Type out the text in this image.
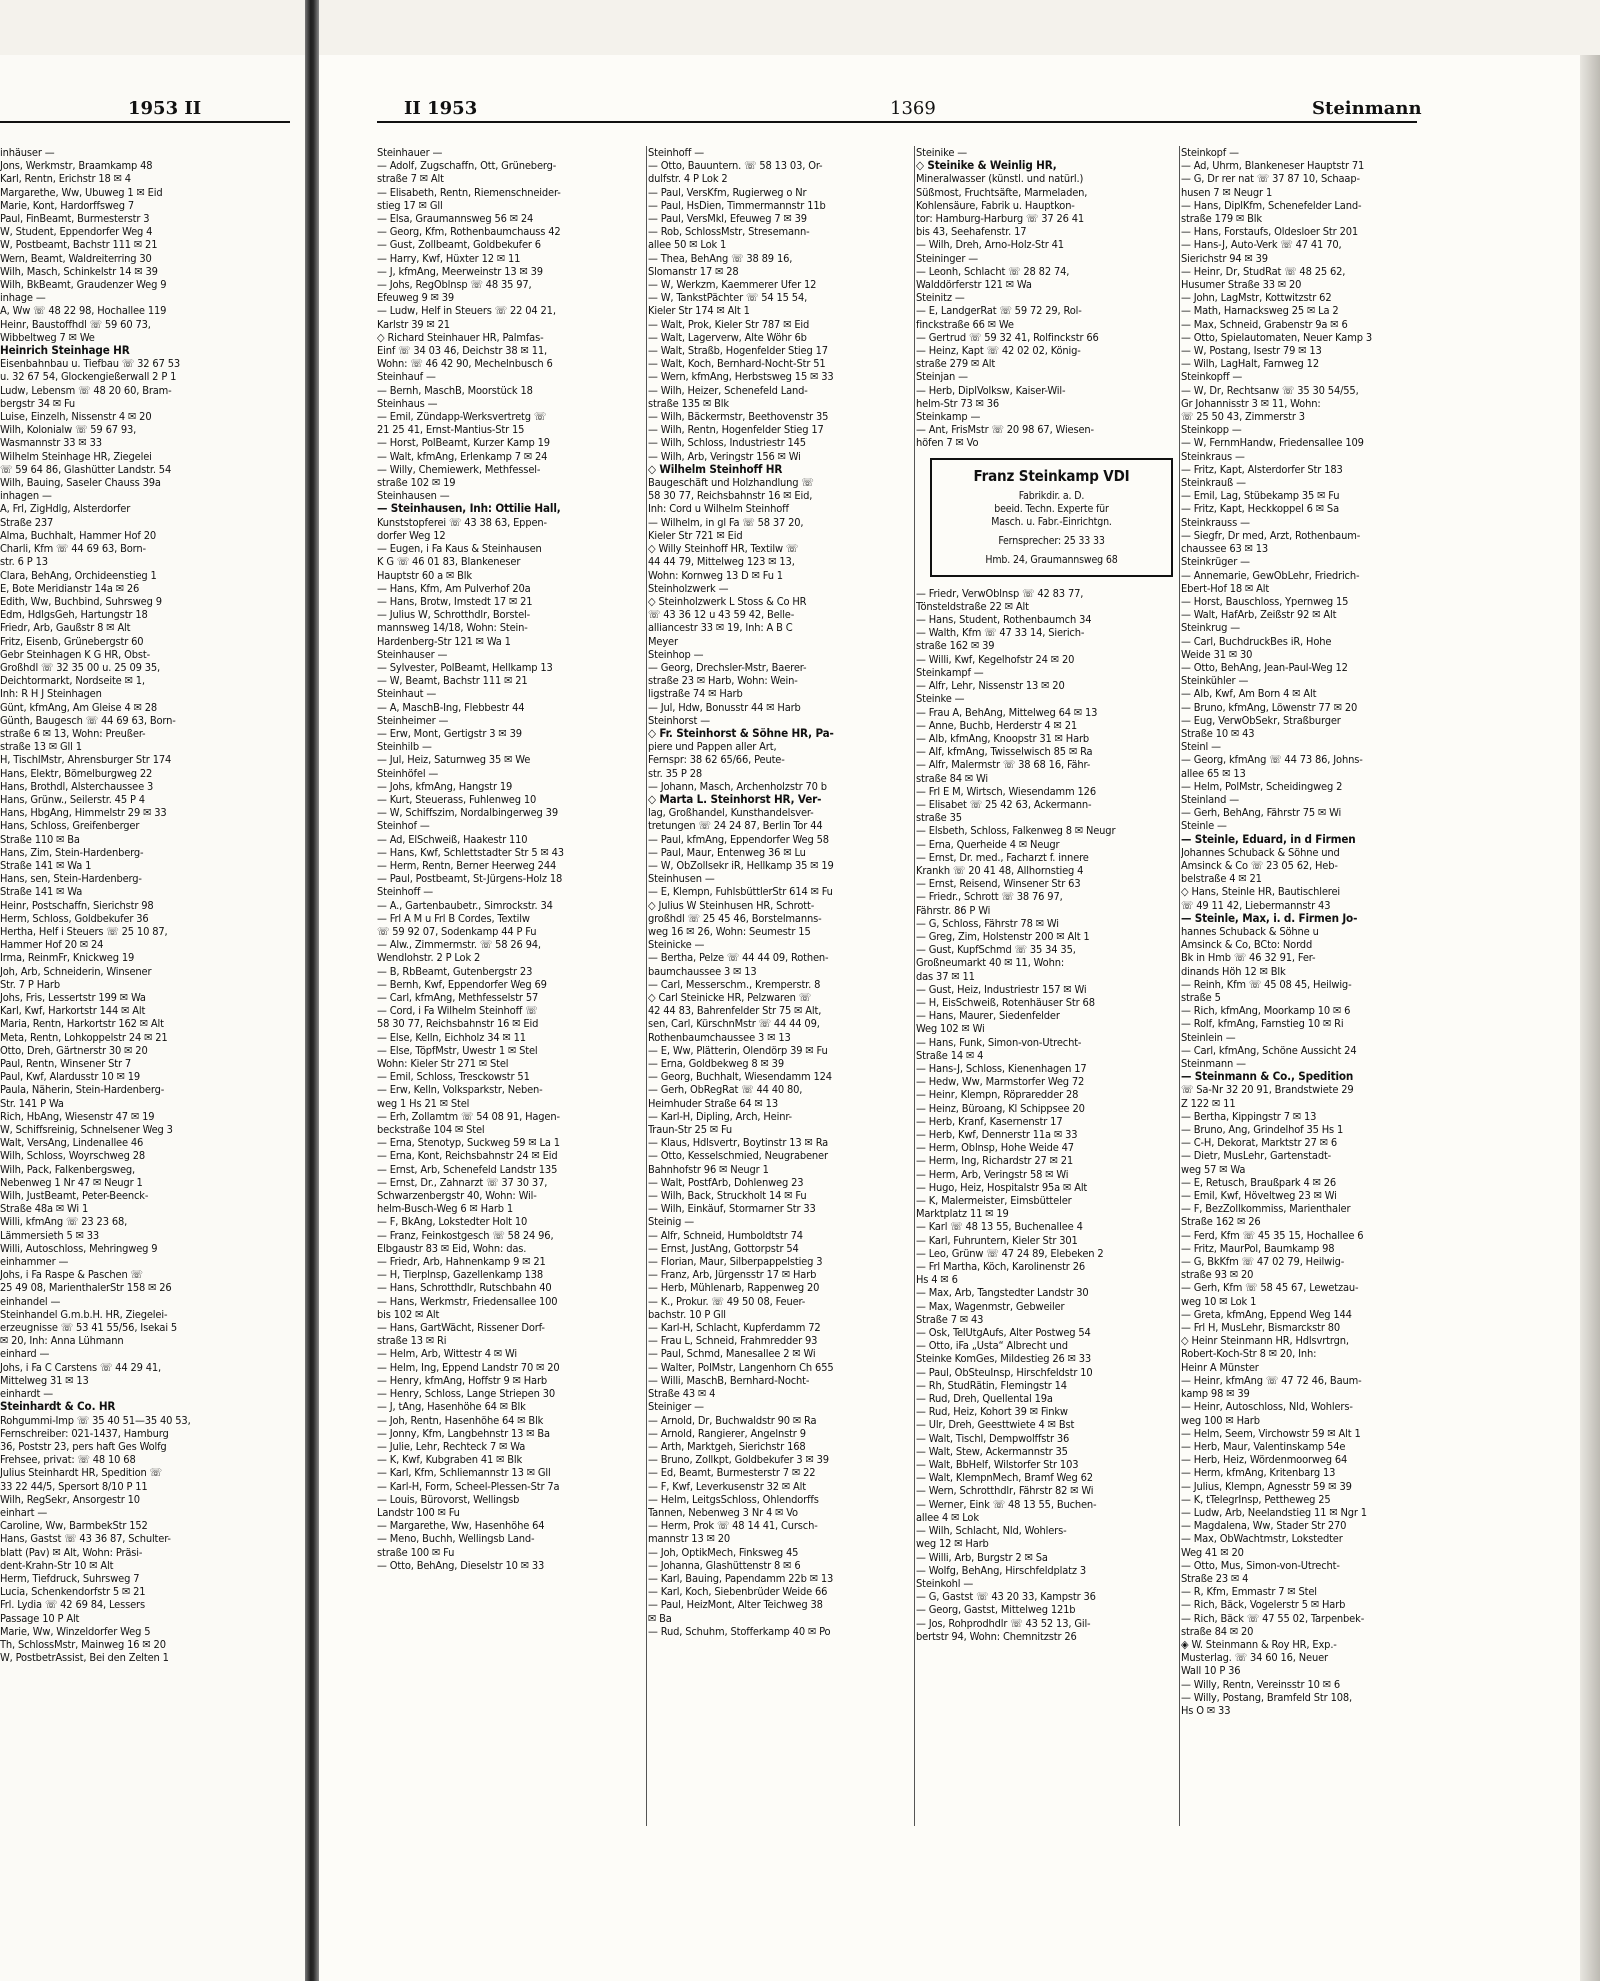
1953 II	II 1953	1369	Steinmann
inhäuser —
Jons, Werkmstr, Braamkamp 48
Karl, Rentn, Erichstr 18 ✉ 4
Margarethe, Ww, Ubuweg 1 ✉ Eid
Marie, Kont, Hardorffsweg 7
Paul, FinBeamt, Burmesterstr 3
W, Student, Eppendorfer Weg 4
W, Postbeamt, Bachstr 111 ✉ 21
Wern, Beamt, Waldreiterring 30
Wilh, Masch, Schinkelstr 14 ✉ 39
Wilh, BkBeamt, Graudenzer Weg 9
inhage —
A, Ww ☏ 48 22 98, Hochallee 119
Heinr, Baustoffhdl ☏ 59 60 73,
Wibbeltweg 7 ✉ We
Heinrich Steinhage HR
Eisenbahnbau u. Tiefbau ☏ 32 67 53
u. 32 67 54, Glockengießerwall 2 P 1
Ludw, Lebensm ☏ 48 20 60, Bram-
bergstr 34 ✉ Fu
Luise, Einzelh, Nissenstr 4 ✉ 20
Wilh, Kolonialw ☏ 59 67 93,
Wasmannstr 33 ✉ 33
Wilhelm Steinhage HR, Ziegelei
☏ 59 64 86, Glashütter Landstr. 54
Wilh, Bauing, Saseler Chauss 39a
inhagen —
A, Frl, ZigHdlg, Alsterdorfer
Straße 237
Alma, Buchhalt, Hammer Hof 20
Charli, Kfm ☏ 44 69 63, Born-
str. 6 P 13
Clara, BehAng, Orchideenstieg 1
E, Bote Meridianstr 14a ✉ 26
Edith, Ww, Buchbind, Suhrsweg 9
Edm, HdlgsGeh, Hartungstr 18
Friedr, Arb, Gaußstr 8 ✉ Alt
Fritz, Eisenb, Grünebergstr 60
Gebr Steinhagen K G HR, Obst-
Großhdl ☏ 32 35 00 u. 25 09 35,
Deichtormarkt, Nordseite ✉ 1,
Inh: R H J Steinhagen
Günt, kfmAng, Am Gleise 4 ✉ 28
Günth, Baugesch ☏ 44 69 63, Born-
straße 6 ✉ 13, Wohn: Preußer-
straße 13 ✉ Gll 1
H, TischlMstr, Ahrensburger Str 174
Hans, Elektr, Bömelburgweg 22
Hans, Brothdl, Alsterchaussee 3
Hans, Grünw., Seilerstr. 45 P 4
Hans, HbgAng, Himmelstr 29 ✉ 33
Hans, Schloss, Greifenberger
Straße 110 ✉ Ba
Hans, Zim, Stein-Hardenberg-
Straße 141 ✉ Wa 1
Hans, sen, Stein-Hardenberg-
Straße 141 ✉ Wa
Heinr, Postschaffn, Sierichstr 98
Herm, Schloss, Goldbekufer 36
Hertha, Helf i Steuers ☏ 25 10 87,
Hammer Hof 20 ✉ 24
Irma, ReinmFr, Knickweg 19
Joh, Arb, Schneiderin, Winsener
Str. 7 P Harb
Johs, Fris, Lessertstr 199 ✉ Wa
Karl, Kwf, Harkortstr 144 ✉ Alt
Maria, Rentn, Harkortstr 162 ✉ Alt
Meta, Rentn, Lohkoppelstr 24 ✉ 21
Otto, Dreh, Gärtnerstr 30 ✉ 20
Paul, Rentn, Winsener Str 7
Paul, Kwf, Alardusstr 10 ✉ 19
Paula, Näherin, Stein-Hardenberg-
Str. 141 P Wa
Rich, HbAng, Wiesenstr 47 ✉ 19
W, Schiffsreinig, Schnelsener Weg 3
Walt, VersAng, Lindenallee 46
Wilh, Schloss, Woyrschweg 28
Wilh, Pack, Falkenbergsweg,
Nebenweg 1 Nr 47 ✉ Neugr 1
Wilh, JustBeamt, Peter-Beenck-
Straße 48a ✉ Wi 1
Willi, kfmAng ☏ 23 23 68,
Lämmersieth 5 ✉ 33
Willi, Autoschloss, Mehringweg 9
einhammer —
Johs, i Fa Raspe & Paschen ☏
25 49 08, MarienthalerStr 158 ✉ 26
einhandel —
Steinhandel G.m.b.H. HR, Ziegelei-
erzeugnisse ☏ 53 41 55/56, Isekai 5
✉ 20, Inh: Anna Lühmann
einhard —
Johs, i Fa C Carstens ☏ 44 29 41,
Mittelweg 31 ✉ 13
einhardt —
Steinhardt & Co. HR
Rohgummi-Imp ☏ 35 40 51—35 40 53,
Fernschreiber: 021-1437, Hamburg
36, Poststr 23, pers haft Ges Wolfg
Frehsee, privat: ☏ 48 10 68
Julius Steinhardt HR, Spedition ☏
33 22 44/5, Spersort 8/10 P 11
Wilh, RegSekr, Ansorgestr 10
einhart —
Caroline, Ww, BarmbekStr 152
Hans, Gastst ☏ 43 36 87, Schulter-
blatt (Pav) ✉ Alt, Wohn: Präsi-
dent-Krahn-Str 10 ✉ Alt
Herm, Tiefdruck, Suhrsweg 7
Lucia, Schenkendorfstr 5 ✉ 21
Frl. Lydia ☏ 42 69 84, Lessers
Passage 10 P Alt
Marie, Ww, Winzeldorfer Weg 5
Th, SchlossMstr, Mainweg 16 ✉ 20
W, PostbetrAssist, Bei den Zelten 1
Steinhauer —
— Adolf, Zugschaffn, Ott, Grüneberg-
straße 7 ✉ Alt
— Elisabeth, Rentn, Riemenschneider-
stieg 17 ✉ Gll
— Elsa, Graumannsweg 56 ✉ 24
— Georg, Kfm, Rothenbaumchauss 42
— Gust, Zollbeamt, Goldbekufer 6
— Harry, Kwf, Hüxter 12 ✉ 11
— J, kfmAng, Meerweinstr 13 ✉ 39
— Johs, RegOblnsp ☏ 48 35 97,
Efeuweg 9 ✉ 39
— Ludw, Helf in Steuers ☏ 22 04 21,
Karlstr 39 ✉ 21
◇ Richard Steinhauer HR, Palmfas-
Einf ☏ 34 03 46, Deichstr 38 ✉ 11,
Wohn: ☏ 46 42 90, Mechelnbusch 6
Steinhauf —
— Bernh, MaschB, Moorstück 18
Steinhaus —
— Emil, Zündapp-Werksvertretg ☏
21 25 41, Ernst-Mantius-Str 15
— Horst, PolBeamt, Kurzer Kamp 19
— Walt, kfmAng, Erlenkamp 7 ✉ 24
— Willy, Chemiewerk, Methfessel-
straße 102 ✉ 19
Steinhausen —
— Steinhausen, Inh: Ottilie Hall,
Kunststopferei ☏ 43 38 63, Eppen-
dorfer Weg 12
— Eugen, i Fa Kaus & Steinhausen
K G ☏ 46 01 83, Blankeneser
Hauptstr 60 a ✉ Blk
— Hans, Kfm, Am Pulverhof 20a
— Hans, Brotw, Imstedt 17 ✉ 21
— Julius W, Schrotthdlr, Borstel-
mannsweg 14/18, Wohn: Stein-
Hardenberg-Str 121 ✉ Wa 1
Steinhauser —
— Sylvester, PolBeamt, Hellkamp 13
— W, Beamt, Bachstr 111 ✉ 21
Steinhaut —
— A, MaschB-Ing, Flebbestr 44
Steinheimer —
— Erw, Mont, Gertigstr 3 ✉ 39
Steinhilb —
— Jul, Heiz, Saturnweg 35 ✉ We
Steinhöfel —
— Johs, kfmAng, Hangstr 19
— Kurt, Steuerass, Fuhlenweg 10
— W, Schiffszim, Nordalbingerweg 39
Steinhof —
— Ad, ElSchweiß, Haakestr 110
— Hans, Kwf, Schlettstadter Str 5 ✉ 43
— Herm, Rentn, Berner Heerweg 244
— Paul, Postbeamt, St-Jürgens-Holz 18
Steinhoff —
— A., Gartenbaubetr., Simrockstr. 34
— Frl A M u Frl B Cordes, Textilw
☏ 59 92 07, Sodenkamp 44 P Fu
— Alw., Zimmermstr. ☏ 58 26 94,
Wendlohstr. 2 P Lok 2
— B, RbBeamt, Gutenbergstr 23
— Bernh, Kwf, Eppendorfer Weg 69
— Carl, kfmAng, Methfesselstr 57
— Cord, i Fa Wilhelm Steinhoff ☏
58 30 77, Reichsbahnstr 16 ✉ Eid
— Else, Kelln, Eichholz 34 ✉ 11
— Else, TöpfMstr, Uwestr 1 ✉ Stel
Wohn: Kieler Str 271 ✉ Stel
— Emil, Schloss, Tresckowstr 51
— Erw, Kelln, Volksparkstr, Neben-
weg 1 Hs 21 ✉ Stel
— Erh, Zollamtm ☏ 54 08 91, Hagen-
beckstraße 104 ✉ Stel
— Erna, Stenotyp, Suckweg 59 ✉ La 1
— Erna, Kont, Reichsbahnstr 24 ✉ Eid
— Ernst, Arb, Schenefeld Landstr 135
— Ernst, Dr., Zahnarzt ☏ 37 30 37,
Schwarzenbergstr 40, Wohn: Wil-
helm-Busch-Weg 6 ✉ Harb 1
— F, BkAng, Lokstedter Holt 10
— Franz, Feinkostgesch ☏ 58 24 96,
Elbgaustr 83 ✉ Eid, Wohn: das.
— Friedr, Arb, Hahnenkamp 9 ✉ 21
— H, Tierplnsp, Gazellenkamp 138
— Hans, Schrotthdlr, Rutschbahn 40
— Hans, Werkmstr, Friedensallee 100
bis 102 ✉ Alt
— Hans, GartWächt, Rissener Dorf-
straße 13 ✉ Ri
— Helm, Arb, Wittestr 4 ✉ Wi
— Helm, Ing, Eppend Landstr 70 ✉ 20
— Henry, kfmAng, Hoffstr 9 ✉ Harb
— Henry, Schloss, Lange Striepen 30
— J, tAng, Hasenhöhe 64 ✉ Blk
— Joh, Rentn, Hasenhöhe 64 ✉ Blk
— Jonny, Kfm, Langbehnstr 13 ✉ Ba
— Julie, Lehr, Rechteck 7 ✉ Wa
— K, Kwf, Kubgraben 41 ✉ Blk
— Karl, Kfm, Schliemannstr 13 ✉ Gll
— Karl-H, Form, Scheel-Plessen-Str 7a
— Louis, Bürovorst, Wellingsb
Landstr 100 ✉ Fu
— Margarethe, Ww, Hasenhöhe 64
— Meno, Buchh, Wellingsb Land-
straße 100 ✉ Fu
— Otto, BehAng, Dieselstr 10 ✉ 33
Steinhoff —
— Otto, Bauuntern. ☏ 58 13 03, Or-
dulfstr. 4 P Lok 2
— Paul, VersKfm, Rugierweg o Nr
— Paul, HsDien, Timmermannstr 11b
— Paul, VersMkl, Efeuweg 7 ✉ 39
— Rob, SchlossMstr, Stresemann-
allee 50 ✉ Lok 1
— Thea, BehAng ☏ 38 89 16,
Slomanstr 17 ✉ 28
— W, Werkzm, Kaemmerer Ufer 12
— W, TankstPächter ☏ 54 15 54,
Kieler Str 174 ✉ Alt 1
— Walt, Prok, Kieler Str 787 ✉ Eid
— Walt, Lagerverw, Alte Wöhr 6b
— Walt, Straßb, Hogenfelder Stieg 17
— Walt, Koch, Bernhard-Nocht-Str 51
— Wern, kfmAng, Herbstsweg 15 ✉ 33
— Wilh, Heizer, Schenefeld Land-
straße 135 ✉ Blk
— Wilh, Bäckermstr, Beethovenstr 35
— Wilh, Rentn, Hogenfelder Stieg 17
— Wilh, Schloss, Industriestr 145
— Wilh, Arb, Veringstr 156 ✉ Wi
◇ Wilhelm Steinhoff HR
Baugeschäft und Holzhandlung ☏
58 30 77, Reichsbahnstr 16 ✉ Eid,
Inh: Cord u Wilhelm Steinhoff
— Wilhelm, in gl Fa ☏ 58 37 20,
Kieler Str 721 ✉ Eid
◇ Willy Steinhoff HR, Textilw ☏
44 44 79, Mittelweg 123 ✉ 13,
Wohn: Kornweg 13 D ✉ Fu 1
Steinholzwerk —
◇ Steinholzwerk L Stoss & Co HR
☏ 43 36 12 u 43 59 42, Belle-
alliancestr 33 ✉ 19, Inh: A B C
Meyer
Steinhop —
— Georg, Drechsler-Mstr, Baerer-
straße 23 ✉ Harb, Wohn: Wein-
ligstraße 74 ✉ Harb
— Jul, Hdw, Bonusstr 44 ✉ Harb
Steinhorst —
◇ Fr. Steinhorst & Söhne HR, Pa-
piere und Pappen aller Art,
Fernspr: 38 62 65/66, Peute-
str. 35 P 28
— Johann, Masch, Archenholzstr 70 b
◇ Marta L. Steinhorst HR, Ver-
lag, Großhandel, Kunsthandelsver-
tretungen ☏ 24 24 87, Berlin Tor 44
— Paul, kfmAng, Eppendorfer Weg 58
— Paul, Maur, Entenweg 36 ✉ Lu
— W, ObZollsekr iR, Hellkamp 35 ✉ 19
Steinhusen —
— E, Klempn, FuhlsbüttlerStr 614 ✉ Fu
◇ Julius W Steinhusen HR, Schrott-
großhdl ☏ 25 45 46, Borstelmanns-
weg 16 ✉ 26, Wohn: Seumestr 15
Steinicke —
— Bertha, Pelze ☏ 44 44 09, Rothen-
baumchaussee 3 ✉ 13
— Carl, Messerschm., Kremperstr. 8
◇ Carl Steinicke HR, Pelzwaren ☏
42 44 83, Bahrenfelder Str 75 ✉ Alt,
sen, Carl, KürschnMstr ☏ 44 44 09,
Rothenbaumchaussee 3 ✉ 13
— E, Ww, Plätterin, Olendörp 39 ✉ Fu
— Erna, Goldbekweg 8 ✉ 39
— Georg, Buchhalt, Wiesendamm 124
— Gerh, ObRegRat ☏ 44 40 80,
Heimhuder Straße 64 ✉ 13
— Karl-H, Dipling, Arch, Heinr-
Traun-Str 25 ✉ Fu
— Klaus, Hdlsvertr, Boytinstr 13 ✉ Ra
— Otto, Kesselschmied, Neugrabener
Bahnhofstr 96 ✉ Neugr 1
— Walt, PostfArb, Dohlenweg 23
— Wilh, Back, Struckholt 14 ✉ Fu
— Wilh, Einkäuf, Stormarner Str 33
Steinig —
— Alfr, Schneid, Humboldtstr 74
— Ernst, JustAng, Gottorpstr 54
— Florian, Maur, Silberpappelstieg 3
— Franz, Arb, Jürgensstr 17 ✉ Harb
— Herb, Mühlenarb, Rappenweg 20
— K., Prokur. ☏ 49 50 08, Feuer-
bachstr. 10 P Gll
— Karl-H, Schlacht, Kupferdamm 72
— Frau L, Schneid, Frahmredder 93
— Paul, Schmd, Manesallee 2 ✉ Wi
— Walter, PolMstr, Langenhorn Ch 655
— Willi, MaschB, Bernhard-Nocht-
Straße 43 ✉ 4
Steiniger —
— Arnold, Dr, Buchwaldstr 90 ✉ Ra
— Arnold, Rangierer, Angelnstr 9
— Arth, Marktgeh, Sierichstr 168
— Bruno, Zollkpt, Goldbekufer 3 ✉ 39
— Ed, Beamt, Burmesterstr 7 ✉ 22
— F, Kwf, Leverkusenstr 32 ✉ Alt
— Helm, LeitgsSchloss, Ohlendorffs
Tannen, Nebenweg 3 Nr 4 ✉ Vo
— Herm, Prok ☏ 48 14 41, Cursch-
mannstr 13 ✉ 20
— Joh, OptikMech, Finksweg 45
— Johanna, Glashüttenstr 8 ✉ 6
— Karl, Bauing, Papendamm 22b ✉ 13
— Karl, Koch, Siebenbrüder Weide 66
— Paul, HeizMont, Alter Teichweg 38
✉ Ba
— Rud, Schuhm, Stofferkamp 40 ✉ Po
Steinike —
◇ Steinike & Weinlig HR,
Mineralwasser (künstl. und natürl.)
Süßmost, Fruchtsäfte, Marmeladen,
Kohlensäure, Fabrik u. Hauptkon-
tor: Hamburg-Harburg ☏ 37 26 41
bis 43, Seehafenstr. 17
— Wilh, Dreh, Arno-Holz-Str 41
Steininger —
— Leonh, Schlacht ☏ 28 82 74,
Walddörferstr 121 ✉ Wa
Steinitz —
— E, LandgerRat ☏ 59 72 29, Rol-
finckstraße 66 ✉ We
— Gertrud ☏ 59 32 41, Rolfinckstr 66
— Heinz, Kapt ☏ 42 02 02, König-
straße 279 ✉ Alt
Steinjan —
— Herb, DiplVolksw, Kaiser-Wil-
helm-Str 73 ✉ 36
Steinkamp —
— Ant, FrisMstr ☏ 20 98 67, Wiesen-
höfen 7 ✉ Vo
Franz Steinkamp VDI
Fabrikdir. a. D.
beeid. Techn. Experte für
Masch. u. Fabr.-Einrichtgn.
Fernsprecher: 25 33 33
Hmb. 24, Graumannsweg 68
— Friedr, VerwOblnsp ☏ 42 83 77,
Tönsteldstraße 22 ✉ Alt
— Hans, Student, Rothenbaumch 34
— Walth, Kfm ☏ 47 33 14, Sierich-
straße 162 ✉ 39
— Willi, Kwf, Kegelhofstr 24 ✉ 20
Steinkampf —
— Alfr, Lehr, Nissenstr 13 ✉ 20
Steinke —
— Frau A, BehAng, Mittelweg 64 ✉ 13
— Anne, Buchb, Herderstr 4 ✉ 21
— Alb, kfmAng, Knoopstr 31 ✉ Harb
— Alf, kfmAng, Twisselwisch 85 ✉ Ra
— Alfr, Malermstr ☏ 38 68 16, Fähr-
straße 84 ✉ Wi
— Frl E M, Wirtsch, Wiesendamm 126
— Elisabet ☏ 25 42 63, Ackermann-
straße 35
— Elsbeth, Schloss, Falkenweg 8 ✉ Neugr
— Erna, Querheide 4 ✉ Neugr
— Ernst, Dr. med., Facharzt f. innere
Krankh ☏ 20 41 48, Allhornstieg 4
— Ernst, Reisend, Winsener Str 63
— Friedr., Schrott ☏ 38 76 97,
Fährstr. 86 P Wi
— G, Schloss, Fährstr 78 ✉ Wi
— Greg, Zim, Holstenstr 200 ✉ Alt 1
— Gust, KupfSchmd ☏ 35 34 35,
Großneumarkt 40 ✉ 11, Wohn:
das 37 ✉ 11
— Gust, Heiz, Industriestr 157 ✉ Wi
— H, EisSchweiß, Rotenhäuser Str 68
— Hans, Maurer, Siedenfelder
Weg 102 ✉ Wi
— Hans, Funk, Simon-von-Utrecht-
Straße 14 ✉ 4
— Hans-J, Schloss, Kienenhagen 17
— Hedw, Ww, Marmstorfer Weg 72
— Heinr, Klempn, Röpraredder 28
— Heinz, Büroang, Kl Schippsee 20
— Herb, Kranf, Kasernenstr 17
— Herb, Kwf, Dennerstr 11a ✉ 33
— Herm, Oblnsp, Hohe Weide 47
— Herm, Ing, Richardstr 27 ✉ 21
— Herm, Arb, Veringstr 58 ✉ Wi
— Hugo, Heiz, Hospitalstr 95a ✉ Alt
— K, Malermeister, Eimsbütteler
Marktplatz 11 ✉ 19
— Karl ☏ 48 13 55, Buchenallee 4
— Karl, Fuhruntern, Kieler Str 301
— Leo, Grünw ☏ 47 24 89, Elebeken 2
— Frl Martha, Köch, Karolinenstr 26
Hs 4 ✉ 6
— Max, Arb, Tangstedter Landstr 30
— Max, Wagenmstr, Gebweiler
Straße 7 ✉ 43
— Osk, TelUtgAufs, Alter Postweg 54
— Otto, iFa „Usta“ Albrecht und
Steinke KomGes, Mildestieg 26 ✉ 33
— Paul, ObSteuInsp, Hirschfeldstr 10
— Rh, StudRätin, Flemingstr 14
— Rud, Dreh, Quellental 19a
— Rud, Heiz, Kohort 39 ✉ Finkw
— Ulr, Dreh, Geesttwiete 4 ✉ Bst
— Walt, Tischl, Dempwolffstr 36
— Walt, Stew, Ackermannstr 35
— Walt, BbHelf, Wilstorfer Str 103
— Walt, KlempnMech, Bramf Weg 62
— Wern, Schrotthdlr, Fährstr 82 ✉ Wi
— Werner, Eink ☏ 48 13 55, Buchen-
allee 4 ✉ Lok
— Wilh, Schlacht, Nld, Wohlers-
weg 12 ✉ Harb
— Willi, Arb, Burgstr 2 ✉ Sa
— Wolfg, BehAng, Hirschfeldplatz 3
Steinkohl —
— G, Gastst ☏ 43 20 33, Kampstr 36
— Georg, Gastst, Mittelweg 121b
— Jos, Rohprodhdlr ☏ 43 52 13, Gil-
bertstr 94, Wohn: Chemnitzstr 26
Steinkopf —
— Ad, Uhrm, Blankeneser Hauptstr 71
— G, Dr rer nat ☏ 37 87 10, Schaap-
husen 7 ✉ Neugr 1
— Hans, DiplKfm, Schenefelder Land-
straße 179 ✉ Blk
— Hans, Forstaufs, Oldesloer Str 201
— Hans-J, Auto-Verk ☏ 47 41 70,
Sierichstr 94 ✉ 39
— Heinr, Dr, StudRat ☏ 48 25 62,
Husumer Straße 33 ✉ 20
— John, LagMstr, Kottwitzstr 62
— Math, Harnacksweg 25 ✉ La 2
— Max, Schneid, Grabenstr 9a ✉ 6
— Otto, Spielautomaten, Neuer Kamp 3
— W, Postang, Isestr 79 ✉ 13
— Wilh, LagHalt, Farnweg 12
Steinkopff —
— W, Dr, Rechtsanw ☏ 35 30 54/55,
Gr Johannisstr 3 ✉ 11, Wohn:
☏ 25 50 43, Zimmerstr 3
Steinkopp —
— W, FernmHandw, Friedensallee 109
Steinkraus —
— Fritz, Kapt, Alsterdorfer Str 183
Steinkrauß —
— Emil, Lag, Stübekamp 35 ✉ Fu
— Fritz, Kapt, Heckkoppel 6 ✉ Sa
Steinkrauss —
— Siegfr, Dr med, Arzt, Rothenbaum-
chaussee 63 ✉ 13
Steinkrüger —
— Annemarie, GewObLehr, Friedrich-
Ebert-Hof 18 ✉ Alt
— Horst, Bauschloss, Ypernweg 15
— Walt, HafArb, Zeißstr 92 ✉ Alt
Steinkrug —
— Carl, BuchdruckBes iR, Hohe
Weide 31 ✉ 30
— Otto, BehAng, Jean-Paul-Weg 12
Steinkühler —
— Alb, Kwf, Am Born 4 ✉ Alt
— Bruno, kfmAng, Löwenstr 77 ✉ 20
— Eug, VerwObSekr, Straßburger
Straße 10 ✉ 43
Steinl —
— Georg, kfmAng ☏ 44 73 86, Johns-
allee 65 ✉ 13
— Helm, PolMstr, Scheidingweg 2
Steinland —
— Gerh, BehAng, Fährstr 75 ✉ Wi
Steinle —
— Steinle, Eduard, in d Firmen
Johannes Schuback & Söhne und
Amsinck & Co ☏ 23 05 62, Heb-
belstraße 4 ✉ 21
◇ Hans, Steinle HR, Bautischlerei
☏ 49 11 42, Liebermannstr 43
— Steinle, Max, i. d. Firmen Jo-
hannes Schuback & Söhne u
Amsinck & Co, BCto: Nordd
Bk in Hmb ☏ 46 32 91, Fer-
dinands Höh 12 ✉ Blk
— Reinh, Kfm ☏ 45 08 45, Heilwig-
straße 5
— Rich, kfmAng, Moorkamp 10 ✉ 6
— Rolf, kfmAng, Farnstieg 10 ✉ Ri
Steinlein —
— Carl, kfmAng, Schöne Aussicht 24
Steinmann —
— Steinmann & Co., Spedition
☏ Sa-Nr 32 20 91, Brandstwiete 29
Z 122 ✉ 11
— Bertha, Kippingstr 7 ✉ 13
— Bruno, Ang, Grindelhof 35 Hs 1
— C-H, Dekorat, Marktstr 27 ✉ 6
— Dietr, MusLehr, Gartenstadt-
weg 57 ✉ Wa
— E, Retusch, Braußpark 4 ✉ 26
— Emil, Kwf, Höveltweg 23 ✉ Wi
— F, BezZollkommiss, Marienthaler
Straße 162 ✉ 26
— Ferd, Kfm ☏ 45 35 15, Hochallee 6
— Fritz, MaurPol, Baumkamp 98
— G, BkKfm ☏ 47 02 79, Heilwig-
straße 93 ✉ 20
— Gerh, Kfm ☏ 58 45 67, Lewetzau-
weg 10 ✉ Lok 1
— Greta, kfmAng, Eppend Weg 144
— Frl H, MusLehr, Bismarckstr 80
◇ Heinr Steinmann HR, Hdlsvrtrgn,
Robert-Koch-Str 8 ✉ 20, Inh:
Heinr A Münster
— Heinr, kfmAng ☏ 47 72 46, Baum-
kamp 98 ✉ 39
— Heinr, Autoschloss, Nld, Wohlers-
weg 100 ✉ Harb
— Helm, Seem, Virchowstr 59 ✉ Alt 1
— Herb, Maur, Valentinskamp 54e
— Herb, Heiz, Wördenmoorweg 64
— Herm, kfmAng, Kritenbarg 13
— Julius, Klempn, Agnesstr 59 ✉ 39
— K, tTelegrInsp, Pettheweg 25
— Ludw, Arb, Neelandstieg 11 ✉ Ngr 1
— Magdalena, Ww, Stader Str 270
— Max, ObWachtmstr, Lokstedter
Weg 41 ✉ 20
— Otto, Mus, Simon-von-Utrecht-
Straße 23 ✉ 4
— R, Kfm, Emmastr 7 ✉ Stel
— Rich, Bäck, Vogelerstr 5 ✉ Harb
— Rich, Bäck ☏ 47 55 02, Tarpenbek-
straße 84 ✉ 20
◈ W. Steinmann & Roy HR, Exp.-
Musterlag. ☏ 34 60 16, Neuer
Wall 10 P 36
— Willy, Rentn, Vereinsstr 10 ✉ 6
— Willy, Postang, Bramfeld Str 108,
Hs O ✉ 33
